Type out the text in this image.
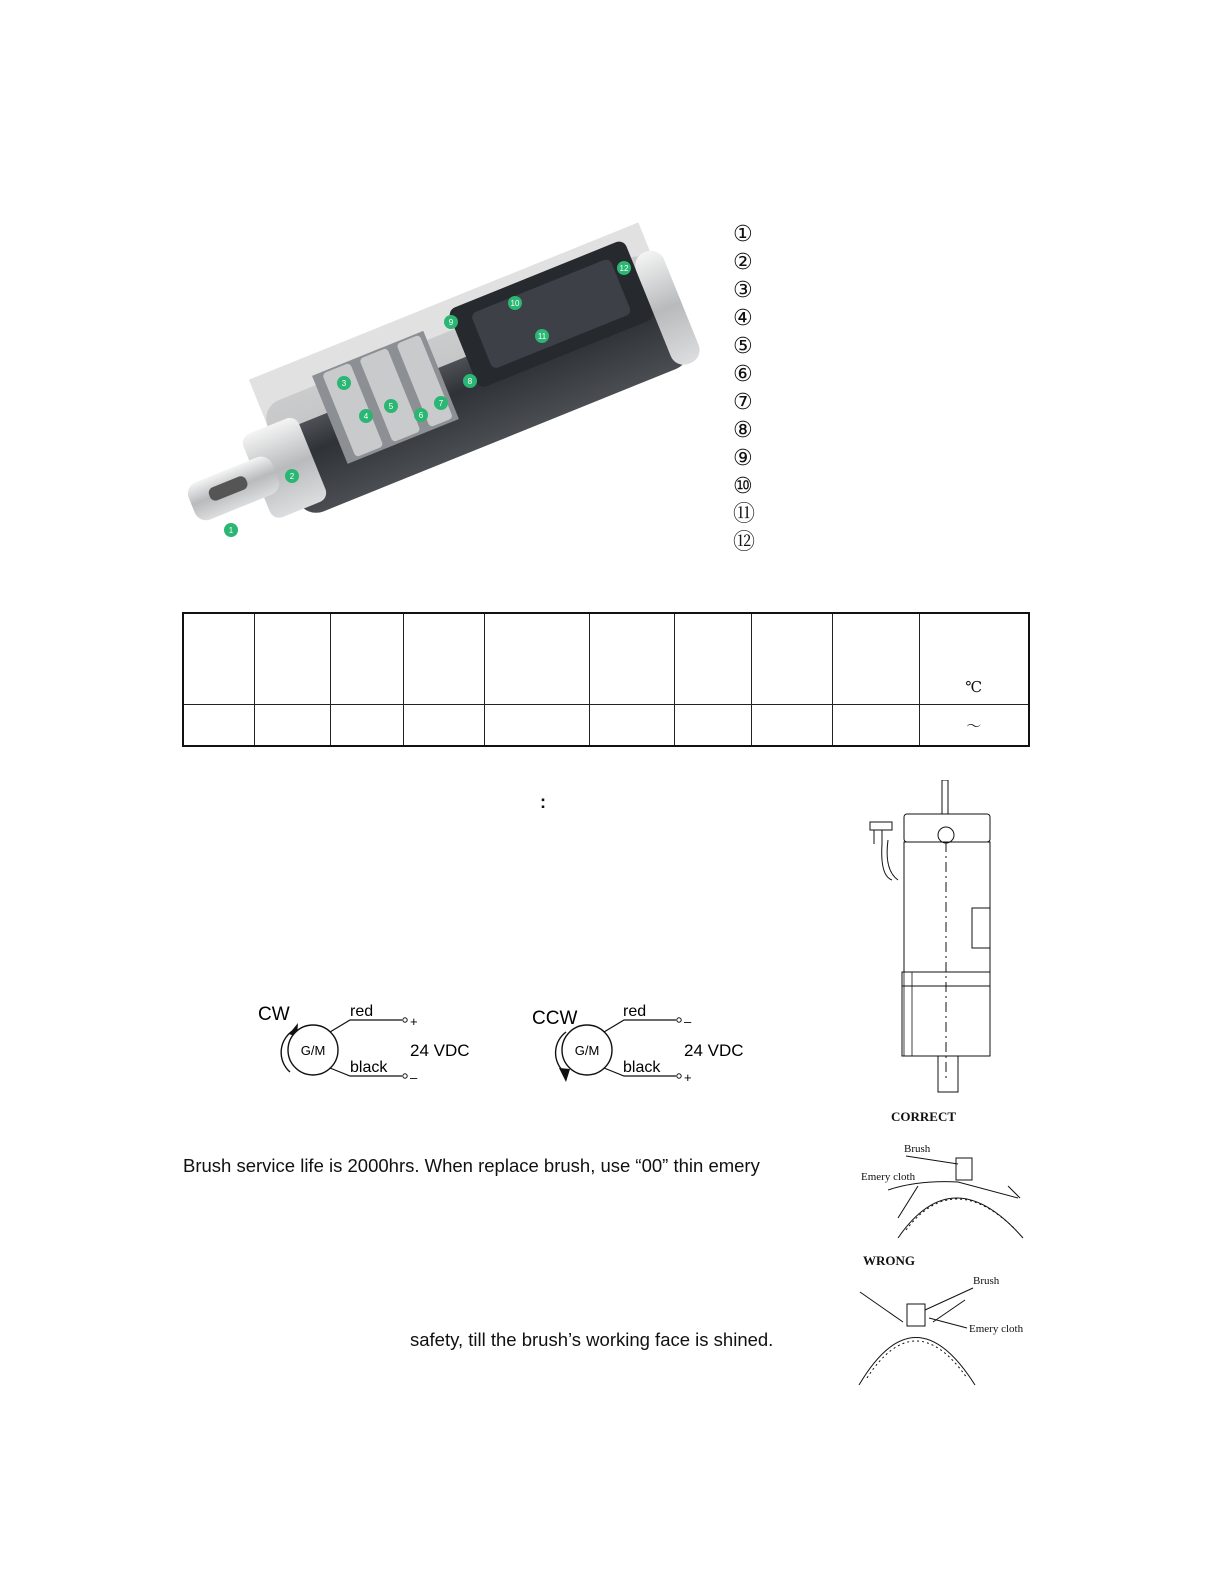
1
2
3
4
5
6
7
8
9
10
11
12
①
②
③
④
⑤
⑥
⑦
⑧
⑨
⑩
⑪
⑫
									℃
									～
:
CW
G/M
red
black
+
–
24 VDC
CCW
G/M
red
black
–
+
24 VDC
CORRECT
WRONG
Brush
Emery cloth
Brush
Emery cloth
Brush service life is 2000hrs. When replace brush, use “00” thin emery
safety, till the brush’s working face is shined.
